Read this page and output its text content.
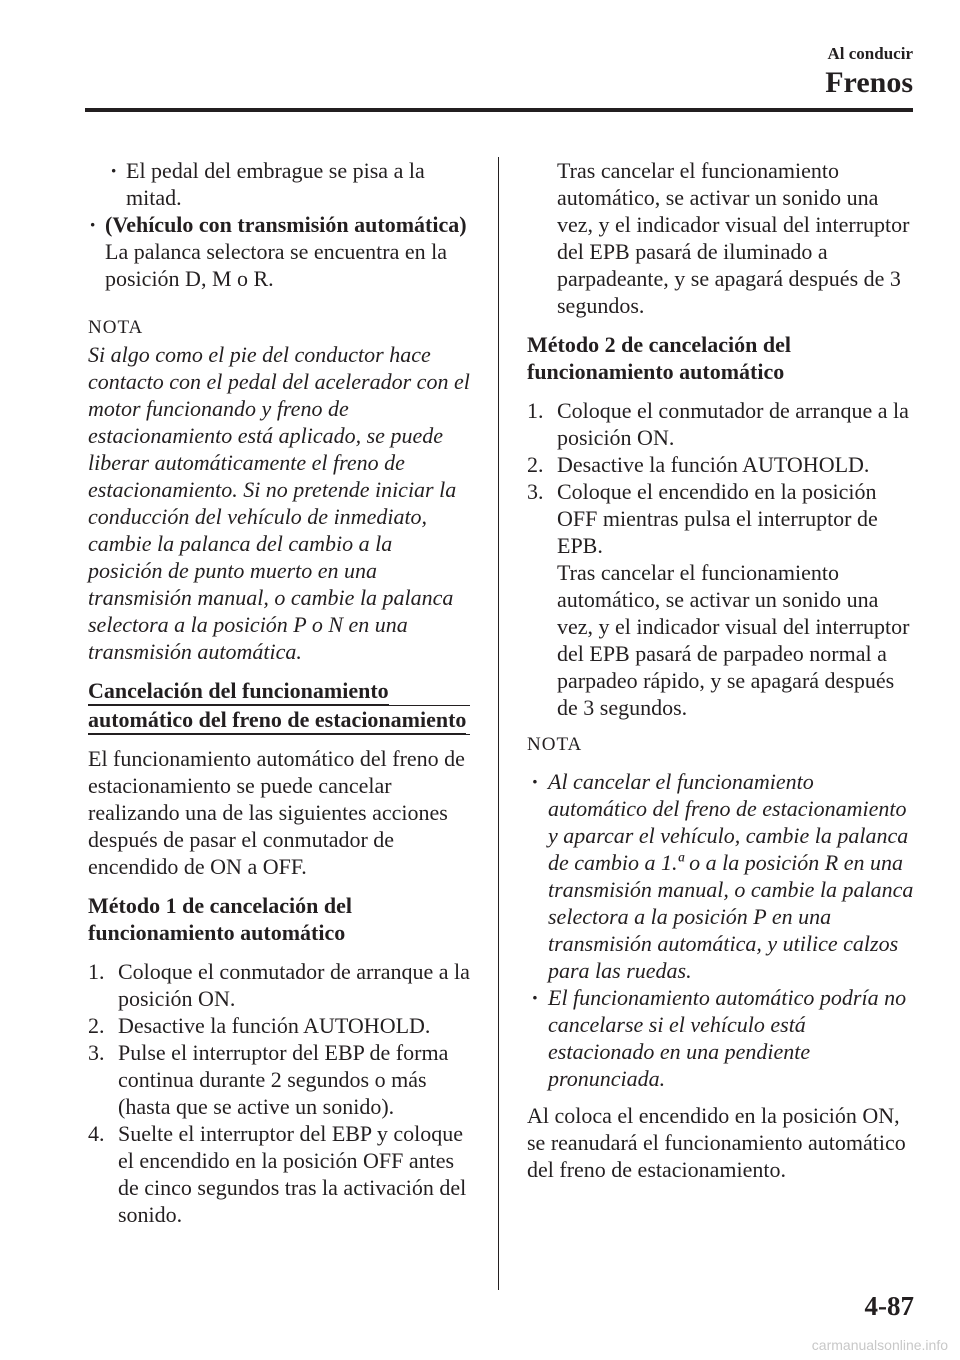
Al conducir
Frenos
· El pedal del embrague se pisa a la mitad.
· (Vehículo con transmisión automática)

La palanca selectora se encuentra en la posición D, M o R.

NOTA
Si algo como el pie del conductor hace contacto con el pedal del acelerador con el motor funcionando y freno de estacionamiento está aplicado, se puede liberar automáticamente el freno de estacionamiento. Si no pretende iniciar la conducción del vehículo de inmediato, cambie la palanca del cambio a la posición de punto muerto en una transmisión manual, o cambie la palanca selectora a la posición P o N en una transmisión automática.
Cancelación del funcionamiento
automático del freno de estacionamiento
El funcionamiento automático del freno de estacionamiento se puede cancelar realizando una de las siguientes acciones después de pasar el conmutador de encendido de ON a OFF.
Método 1 de cancelación del funcionamiento automático
1. Coloque el conmutador de arranque a la posición ON.
2. Desactive la función AUTOHOLD.
3. Pulse el interruptor del EBP de forma continua durante 2 segundos o más (hasta que se active un sonido).
4. Suelte el interruptor del EBP y coloque el encendido en la posición OFF antes de cinco segundos tras la activación del sonido.
Tras cancelar el funcionamiento automático, se activar un sonido una vez, y el indicador visual del interruptor del EPB pasará de iluminado a parpadeante, y se apagará después de 3 segundos.
Método 2 de cancelación del funcionamiento automático
1. Coloque el conmutador de arranque a la posición ON.
2. Desactive la función AUTOHOLD.
3. Coloque el encendido en la posición OFF mientras pulsa el interruptor de EPB.
Tras cancelar el funcionamiento automático, se activar un sonido una vez, y el indicador visual del interruptor del EPB pasará de parpadeo normal a parpadeo rápido, y se apagará después de 3 segundos.
NOTA
· Al cancelar el funcionamiento automático del freno de estacionamiento y aparcar el vehículo, cambie la palanca de cambio a 1.ª o a la posición R en una transmisión manual, o cambie la palanca selectora a la posición P en una transmisión automática, y utilice calzos para las ruedas.
· El funcionamiento automático podría no cancelarse si el vehículo está estacionado en una pendiente pronunciada.
Al coloca el encendido en la posición ON, se reanudará el funcionamiento automático del freno de estacionamiento.
4-87
carmanualsonline.info
